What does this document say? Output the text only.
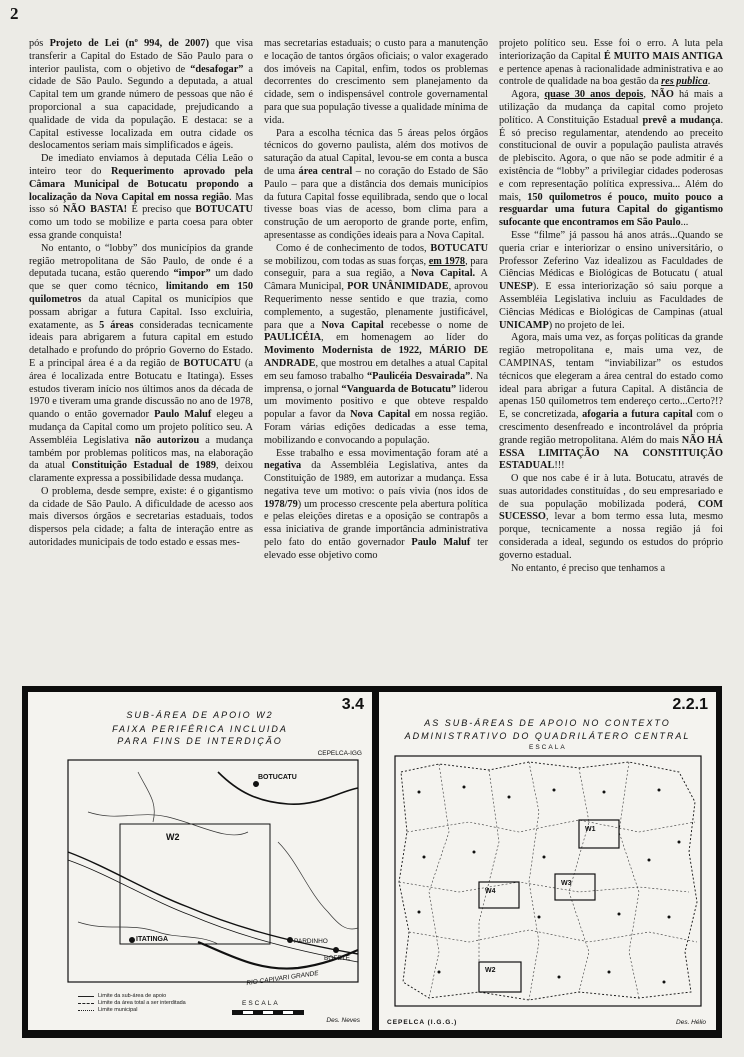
2

pós Projeto de Lei (nº 994, de 2007) que visa transferir a Capital do Estado de São Paulo para o interior paulista, com o objetivo de “desafogar” a cidade de São Paulo. Segundo a deputada, a atual Capital tem um grande número de pessoas que não é proporcional a sua capacidade, prejudicando a qualidade de vida da população. E destaca: se a Capital estivesse localizada em outra cidade os deslocamentos seriam mais simplificados e ágeis.

De imediato enviamos à deputada Célia Leão o inteiro teor do Requerimento aprovado pela Câmara Municipal de Botucatu propondo a localização da Nova Capital em nossa região. Mas isso só NÃO BASTA! É preciso que BOTUCATU como um todo se mobilize e parta coesa para obter essa grande conquista!

No entanto, o “lobby” dos municípios da grande região metropolitana de São Paulo, de onde é a deputada tucana, estão querendo “impor” um dado que se quer como técnico, limitando em 150 quilometros da atual Capital os municípios que possam abrigar a futura Capital. Isso excluiria, exatamente, as 5 áreas consideradas tecnicamente ideais para abrigarem a futura capital em estudo detalhado e profundo do próprio Governo do Estado. E a principal área é a da região de BOTUCATU (a área é localizada entre Botucatu e Itatinga). Esses estudos tiveram início nos últimos anos da década de 1970 e tiveram uma grande discussão no ano de 1978, quando o então governador Paulo Maluf elegeu a mudança da Capital como um projeto político seu. A Assembléia Legislativa não autorizou a mudança também por problemas políticos mas, na elaboração da atual Constituição Estadual de 1989, deixou claramente expressa a possibilidade dessa mudança.

O problema, desde sempre, existe: é o gigantismo da cidade de São Paulo. A dificuldade de acesso aos mais diversos órgãos e secretarias estaduais, todos dispersos pela cidade; a falta de interação entre as autoridades municipais de todo estado e essas mes-

mas secretarias estaduais; o custo para a manutenção e locação de tantos órgãos oficiais; o valor exagerado dos imóveis na Capital, enfim, todos os problemas decorrentes do crescimento sem planejamento da cidade, sem o indispensável controle governamental para que sua população tivesse a qualidade mínima de vida.

Para a escolha técnica das 5 áreas pelos órgãos técnicos do governo paulista, além dos motivos de saturação da atual Capital, levou-se em conta a busca de uma área central – no coração do Estado de São Paulo – para que a distância dos demais municípios da futura Capital fosse equilibrada, sendo que o local tivesse boas vias de acesso, bom clima para a construção de um aeroporto de grande porte, enfim, apresentasse as condições ideais para a Nova Capital.

Como é de conhecimento de todos, BOTUCATU se mobilizou, com todas as suas forças, em 1978, para conseguir, para a sua região, a Nova Capital. A Câmara Municipal, POR UNÂNIMIDADE, aprovou Requerimento nesse sentido e que trazia, como complemento, a sugestão, plenamente justificável, para que a Nova Capital recebesse o nome de PAULICÉIA, em homenagem ao líder do Movimento Modernista de 1922, MÁRIO DE ANDRADE, que mostrou em detalhes a atual Capital em seu famoso trabalho “Paulicéia Desvairada”. Na imprensa, o jornal “Vanguarda de Botucatu” liderou um movimento positivo e que obteve respaldo popular a favor da Nova Capital em nossa região. Foram várias edições dedicadas a esse tema, mobilizando e convocando a população.

Esse trabalho e essa movimentação foram até a negativa da Assembléia Legislativa, antes da Constituição de 1989, em autorizar a mudança. Essa negativa teve um motivo: o país vivia (nos idos de 1978/79) um processo crescente pela abertura política e pelas eleições diretas e a oposição se contrapôs a essa iniciativa de grande importância administrativa pelo fato do então governador Paulo Maluf ter elevado esse objetivo como

projeto político seu. Esse foi o erro. A luta pela interiorização da Capital É MUITO MAIS ANTIGA e pertence apenas à racionalidade administrativa e ao controle de qualidade na boa gestão da res publica.

Agora, quase 30 anos depois, NÃO há mais a utilização da mudança da capital como projeto político. A Constituição Estadual prevê a mudança. É só preciso regulamentar, atendendo ao preceito constitucional de ouvir a população paulista através de plebiscito. Agora, o que não se pode admitir é a existência de “lobby” a privilegiar cidades poderosas e com representação política expressiva... Além do mais, 150 quilometros é pouco, muito pouco a resguardar uma futura Capital do gigantismo sufocante que encontramos em São Paulo...

Esse “filme” já passou há anos atrás...Quando se queria criar e interiorizar o ensino universitário, o Professor Zeferino Vaz idealizou as Faculdades de Ciências Médicas e Biológicas de Botucatu ( atual UNESP). E essa interiorização só saiu porque a Assembléia Legislativa incluiu as Faculdades de Ciências Médicas e Biológicas de Campinas (atual UNICAMP) no projeto de lei.

Agora, mais uma vez, as forças políticas da grande região metropolitana e, mais uma vez, de CAMPINAS, tentam “inviabilizar” os estudos técnicos que elegeram a área central do estado como ideal para abrigar a futura Capital. A distância de apenas 150 quilometros tem endereço certo...Certo?!? E, se concretizada, afogaria a futura capital com o crescimento desenfreado e incontrolável da própria grande região metropolitana. Além do mais NÃO HÁ ESSA LIMITAÇÃO NA CONSTITUIÇÃO ESTADUAL!!!

O que nos cabe é ir à luta. Botucatu, através de suas autoridades constituídas , do seu empresariado e de sua população mobilizada poderá, COM SUCESSO, levar a bom termo essa luta, mesmo porque, tecnicamente a nossa região já foi considerada a ideal, segundo os estudos do próprio governo estadual.

No entanto, é preciso que tenhamos a

3.4
SUB-ÁREA DE APOIO W2
FAIXA PERIFÉRICA INCLUIDA
PARA FINS DE INTERDIÇÃO
CEPELCA-IGG
BOTUCATU
W2
ITATINGA	PARDINHO
BOFETE
RIO CAPIVARI GRANDE
Limite da sub-área de apoio
Limite da área total a ser interditada
Limite municipal
ESCALA
Des. Neves
2.2.1
AS SUB-ÁREAS DE APOIO NO CONTEXTO
ADMINISTRATIVO DO QUADRILÁTERO CENTRAL
ESCALA
W1
W2
W3
W4
CEPELCA (I.G.G.)	Des. Hélio
